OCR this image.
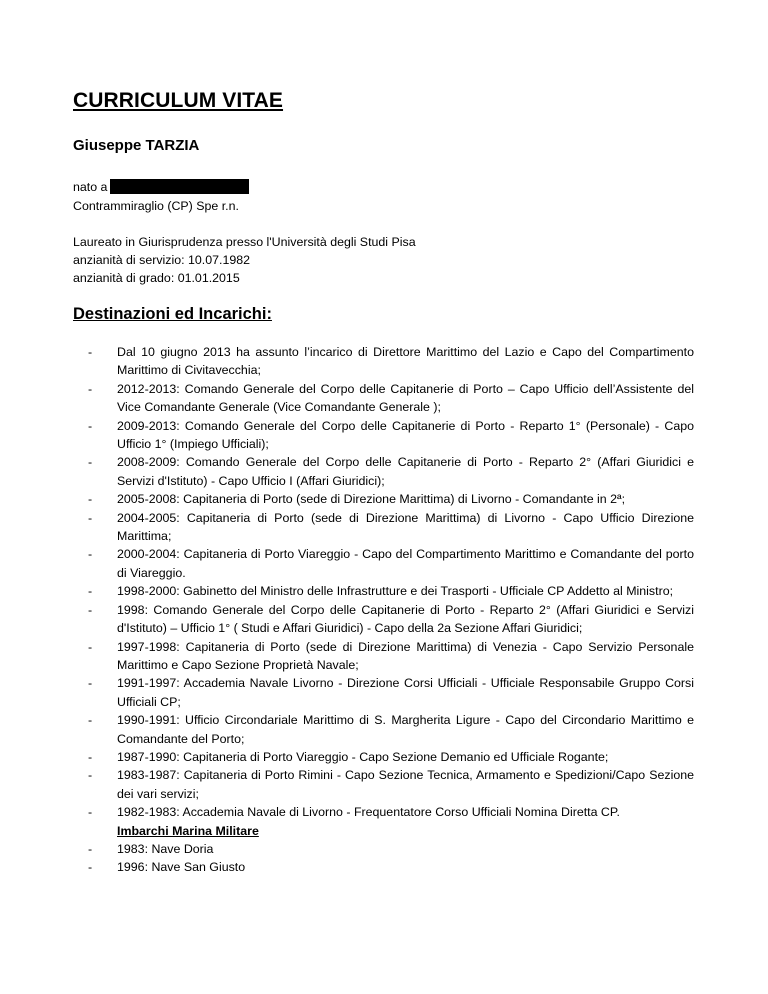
CURRICULUM VITAE
Giuseppe TARZIA
nato a
Contrammiraglio (CP) Spe r.n.
Laureato in Giurisprudenza presso l'Università degli Studi Pisa
anzianità di servizio: 10.07.1982
anzianità di grado: 01.01.2015
Destinazioni ed Incarichi:
- Dal 10 giugno 2013 ha assunto l’incarico di Direttore Marittimo del Lazio e Capo del Compartimento Marittimo di Civitavecchia;
- 2012-2013: Comando Generale del Corpo delle Capitanerie di Porto – Capo Ufficio dell’Assistente del Vice Comandante Generale (Vice Comandante Generale );
- 2009-2013: Comando Generale del Corpo delle Capitanerie di Porto - Reparto 1° (Personale) - Capo Ufficio 1° (Impiego Ufficiali);
- 2008-2009: Comando Generale del Corpo delle Capitanerie di Porto - Reparto 2° (Affari Giuridici e Servizi d'Istituto) - Capo Ufficio I (Affari Giuridici);
- 2005-2008: Capitaneria di Porto (sede di Direzione Marittima) di Livorno - Comandante in 2ª;
- 2004-2005: Capitaneria di Porto (sede di Direzione Marittima) di Livorno - Capo Ufficio Direzione Marittima;
- 2000-2004: Capitaneria di Porto Viareggio - Capo del Compartimento Marittimo e Comandante del porto di Viareggio.
- 1998-2000: Gabinetto del Ministro delle Infrastrutture e dei Trasporti - Ufficiale CP Addetto al Ministro;
- 1998: Comando Generale del Corpo delle Capitanerie di Porto - Reparto 2° (Affari Giuridici e Servizi d'Istituto) – Ufficio 1° ( Studi e Affari Giuridici) - Capo della 2a Sezione Affari Giuridici;
- 1997-1998: Capitaneria di Porto (sede di Direzione Marittima) di Venezia - Capo Servizio Personale Marittimo e Capo Sezione Proprietà Navale;
- 1991-1997: Accademia Navale Livorno - Direzione Corsi Ufficiali - Ufficiale Responsabile Gruppo Corsi Ufficiali CP;
- 1990-1991: Ufficio Circondariale Marittimo di S. Margherita Ligure - Capo del Circondario Marittimo e Comandante del Porto;
- 1987-1990: Capitaneria di Porto Viareggio - Capo Sezione Demanio ed Ufficiale Rogante;
- 1983-1987: Capitaneria di Porto Rimini - Capo Sezione Tecnica, Armamento e Spedizioni/Capo Sezione dei vari servizi;
- 1982-1983: Accademia Navale di Livorno - Frequentatore Corso Ufficiali Nomina Diretta CP.
Imbarchi Marina Militare
- 1983: Nave Doria
- 1996: Nave San Giusto
